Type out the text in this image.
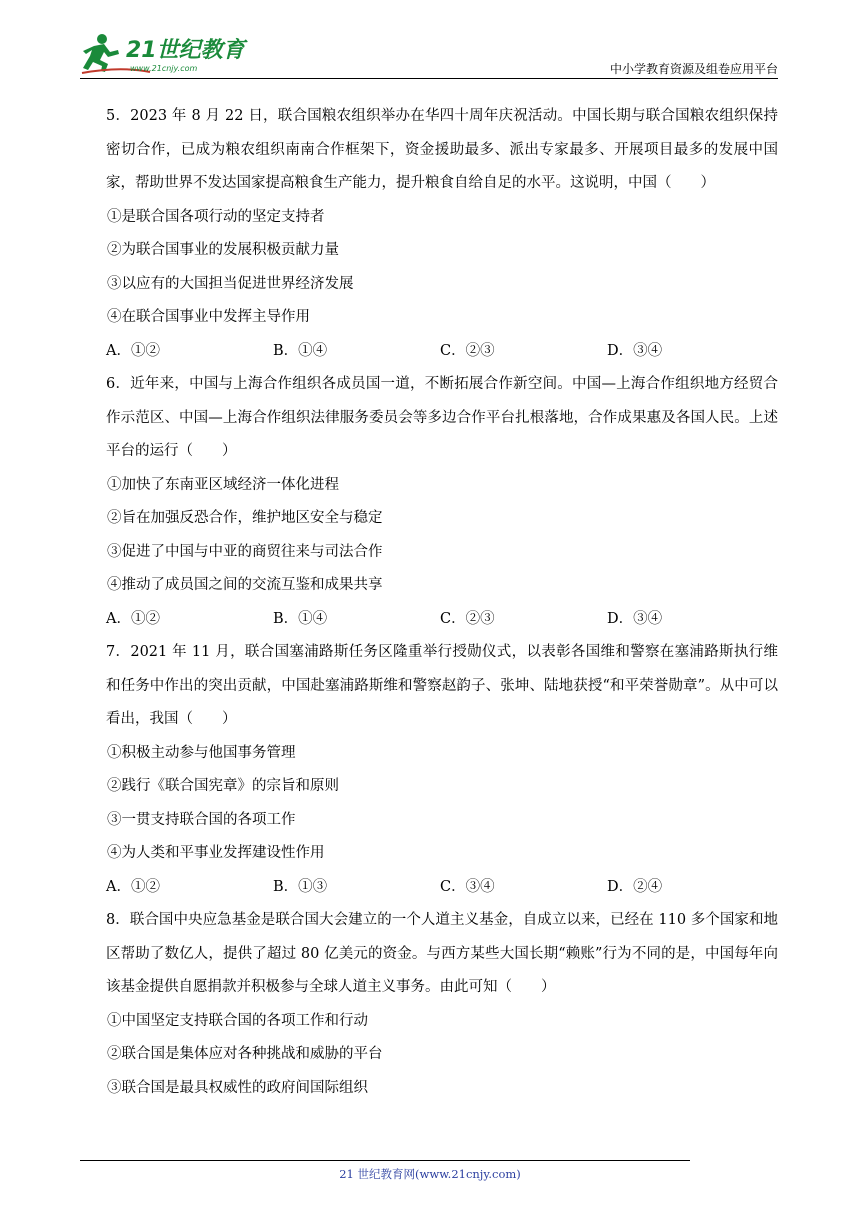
21世纪教育
www.21cnjy.com	中小学教育资源及组卷应用平台

5．2023 年 8 月 22 日，联合国粮农组织举办在华四十周年庆祝活动。中国长期与联合国粮农组织保持密切合作，已成为粮农组织南南合作框架下，资金援助最多、派出专家最多、开展项目最多的发展中国家，帮助世界不发达国家提高粮食生产能力，提升粮食自给自足的水平。这说明，中国（　　）

①是联合国各项行动的坚定支持者

②为联合国事业的发展积极贡献力量

③以应有的大国担当促进世界经济发展

④在联合国事业中发挥主导作用

A．①②	B．①④	C．②③	D．③④

6．近年来，中国与上海合作组织各成员国一道，不断拓展合作新空间。中国—上海合作组织地方经贸合作示范区、中国—上海合作组织法律服务委员会等多边合作平台扎根落地，合作成果惠及各国人民。上述平台的运行（　　）

①加快了东南亚区域经济一体化进程

②旨在加强反恐合作，维护地区安全与稳定

③促进了中国与中亚的商贸往来与司法合作

④推动了成员国之间的交流互鉴和成果共享

A．①②	B．①④	C．②③	D．③④

7．2021 年 11 月，联合国塞浦路斯任务区隆重举行授勋仪式，以表彰各国维和警察在塞浦路斯执行维和任务中作出的突出贡献，中国赴塞浦路斯维和警察赵韵子、张坤、陆地获授“和平荣誉勋章”。从中可以看出，我国（　　）

①积极主动参与他国事务管理

②践行《联合国宪章》的宗旨和原则

③一贯支持联合国的各项工作

④为人类和平事业发挥建设性作用

A．①②	B．①③	C．③④	D．②④

8．联合国中央应急基金是联合国大会建立的一个人道主义基金，自成立以来，已经在 110 多个国家和地区帮助了数亿人，提供了超过 80 亿美元的资金。与西方某些大国长期“赖账”行为不同的是，中国每年向该基金提供自愿捐款并积极参与全球人道主义事务。由此可知（　　）

①中国坚定支持联合国的各项工作和行动

②联合国是集体应对各种挑战和威胁的平台

③联合国是最具权威性的政府间国际组织

21 世纪教育网(www.21cnjy.com)
